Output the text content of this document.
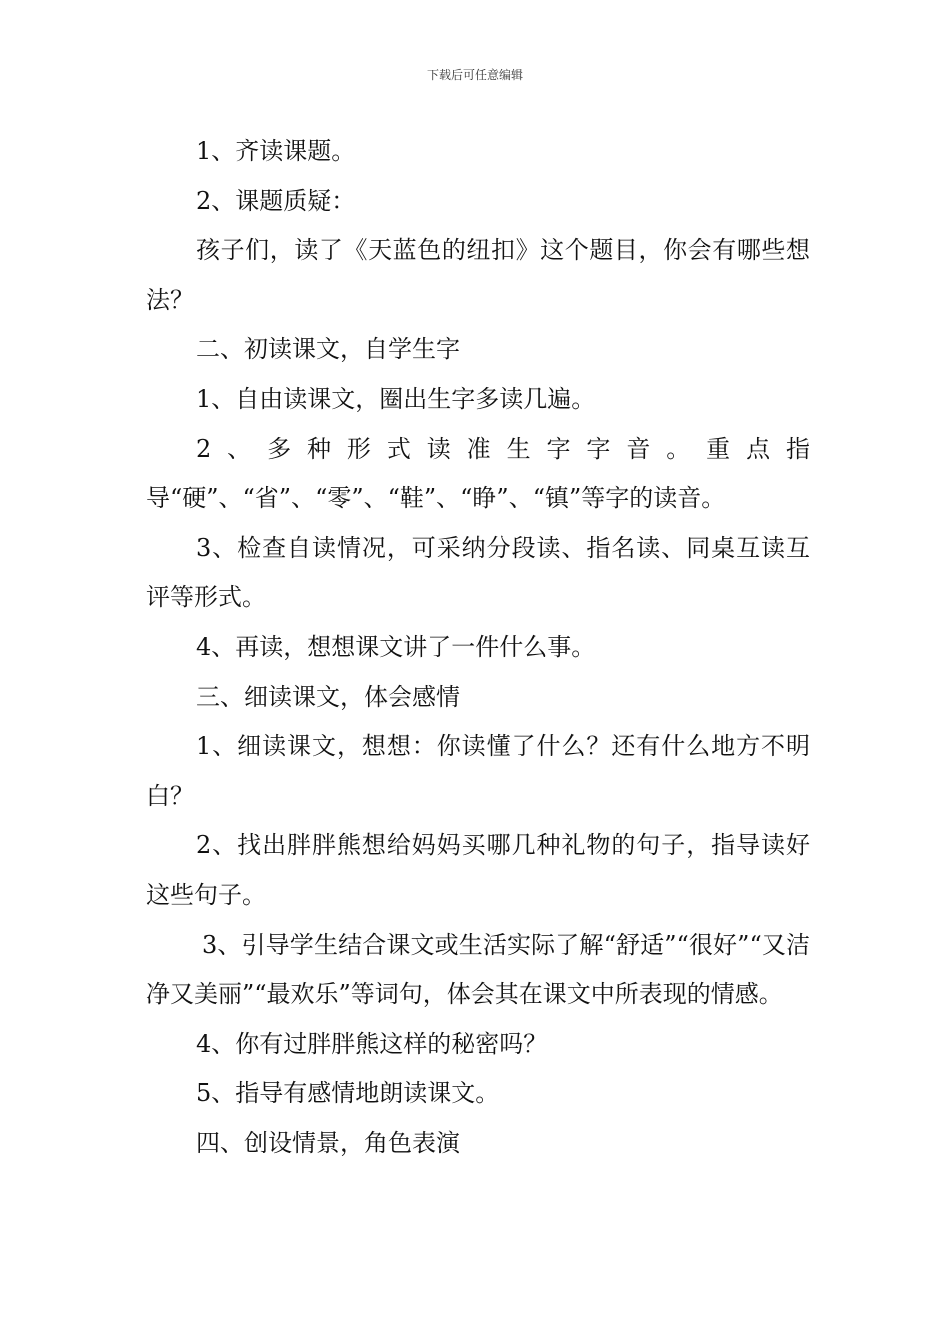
下载后可任意编辑

1、齐读课题。

2、课题质疑：

孩子们，读了《天蓝色的纽扣》这个题目，你会有哪些想法？

二、初读课文，自学生字

1、自由读课文，圈出生字多读几遍。

2、多种形式读准生字字音。重点指导“硬”、“省”、“零”、“鞋”、“睁”、“镇”等字的读音。

3、检查自读情况，可采纳分段读、指名读、同桌互读互评等形式。

4、再读，想想课文讲了一件什么事。

三、细读课文，体会感情

1、细读课文，想想：你读懂了什么？还有什么地方不明白？

2、找出胖胖熊想给妈妈买哪几种礼物的句子，指导读好这些句子。

3、引导学生结合课文或生活实际了解“舒适”“很好”“又洁净又美丽”“最欢乐”等词句，体会其在课文中所表现的情感。

4、你有过胖胖熊这样的秘密吗？

5、指导有感情地朗读课文。

四、创设情景，角色表演
